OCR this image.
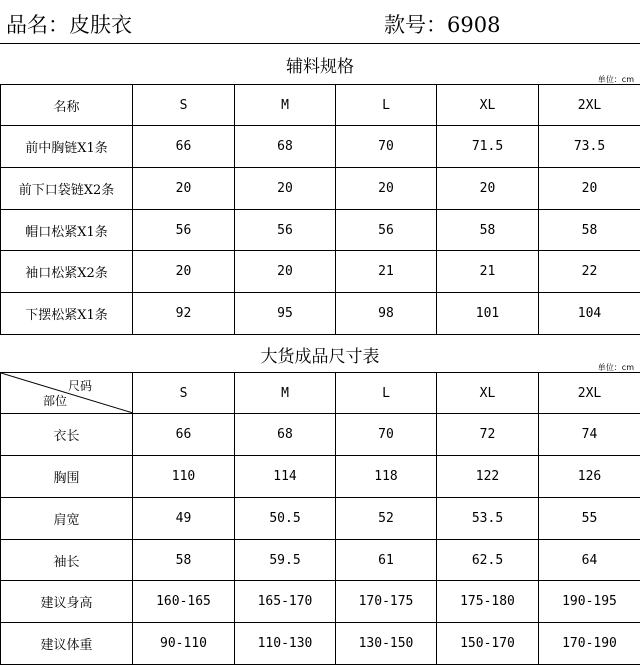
品名：皮肤衣	款号：6908
辅料规格
单位：cm
名称	S	M	L	XL	2XL
前中胸链X1条	66	68	70	71.5	73.5
前下口袋链X2条	20	20	20	20	20
帽口松紧X1条	56	56	56	58	58
袖口松紧X2条	20	20	21	21	22
下摆松紧X1条	92	95	98	101	104
大货成品尺寸表
单位：cm
尺码
部位	S	M	L	XL	2XL
衣长	66	68	70	72	74
胸围	110	114	118	122	126
肩宽	49	50.5	52	53.5	55
袖长	58	59.5	61	62.5	64
建议身高	160-165	165-170	170-175	175-180	190-195
建议体重	90-110	110-130	130-150	150-170	170-190
